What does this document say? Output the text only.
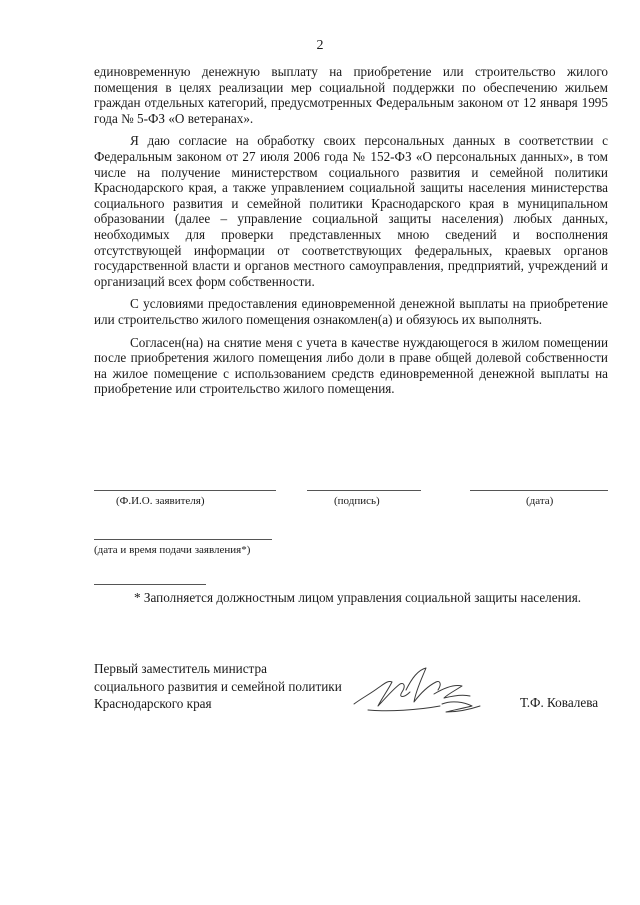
2

единовременную денежную выплату на приобретение или строительство жилого помещения в целях реализации мер социальной поддержки по обеспечению жильем граждан отдельных категорий, предусмотренных Федеральным законом от 12 января 1995 года № 5-ФЗ «О ветеранах».

Я даю согласие на обработку своих персональных данных в соответствии с Федеральным законом от 27 июля 2006 года № 152-ФЗ «О персональных данных», в том числе на получение министерством социального развития и семейной политики Краснодарского края, а также управлением социальной защиты населения министерства социального развития и семейной политики Краснодарского края в муниципальном образовании (далее – управление социальной защиты населения) любых данных, необходимых для проверки представленных мною сведений и восполнения отсутствующей информации от соответствующих федеральных, краевых органов государственной власти и органов местного самоуправления, предприятий, учреждений и организаций всех форм собственности.

С условиями предоставления единовременной денежной выплаты на приобретение или строительство жилого помещения ознакомлен(а) и обязуюсь их выполнять.

Согласен(на) на снятие меня с учета в качестве нуждающегося в жилом помещении после приобретения жилого помещения либо доли в праве общей долевой собственности на жилое помещение с использованием средств единовременной денежной выплаты на приобретение или строительство жилого помещения.

(Ф.И.О. заявителя)	(подпись)	(дата)
(дата и время подачи заявления*)
* Заполняется должностным лицом управления социальной защиты населения.
Первый заместитель министра
социального развития и семейной политики
Краснодарского края	Т.Ф. Ковалева
